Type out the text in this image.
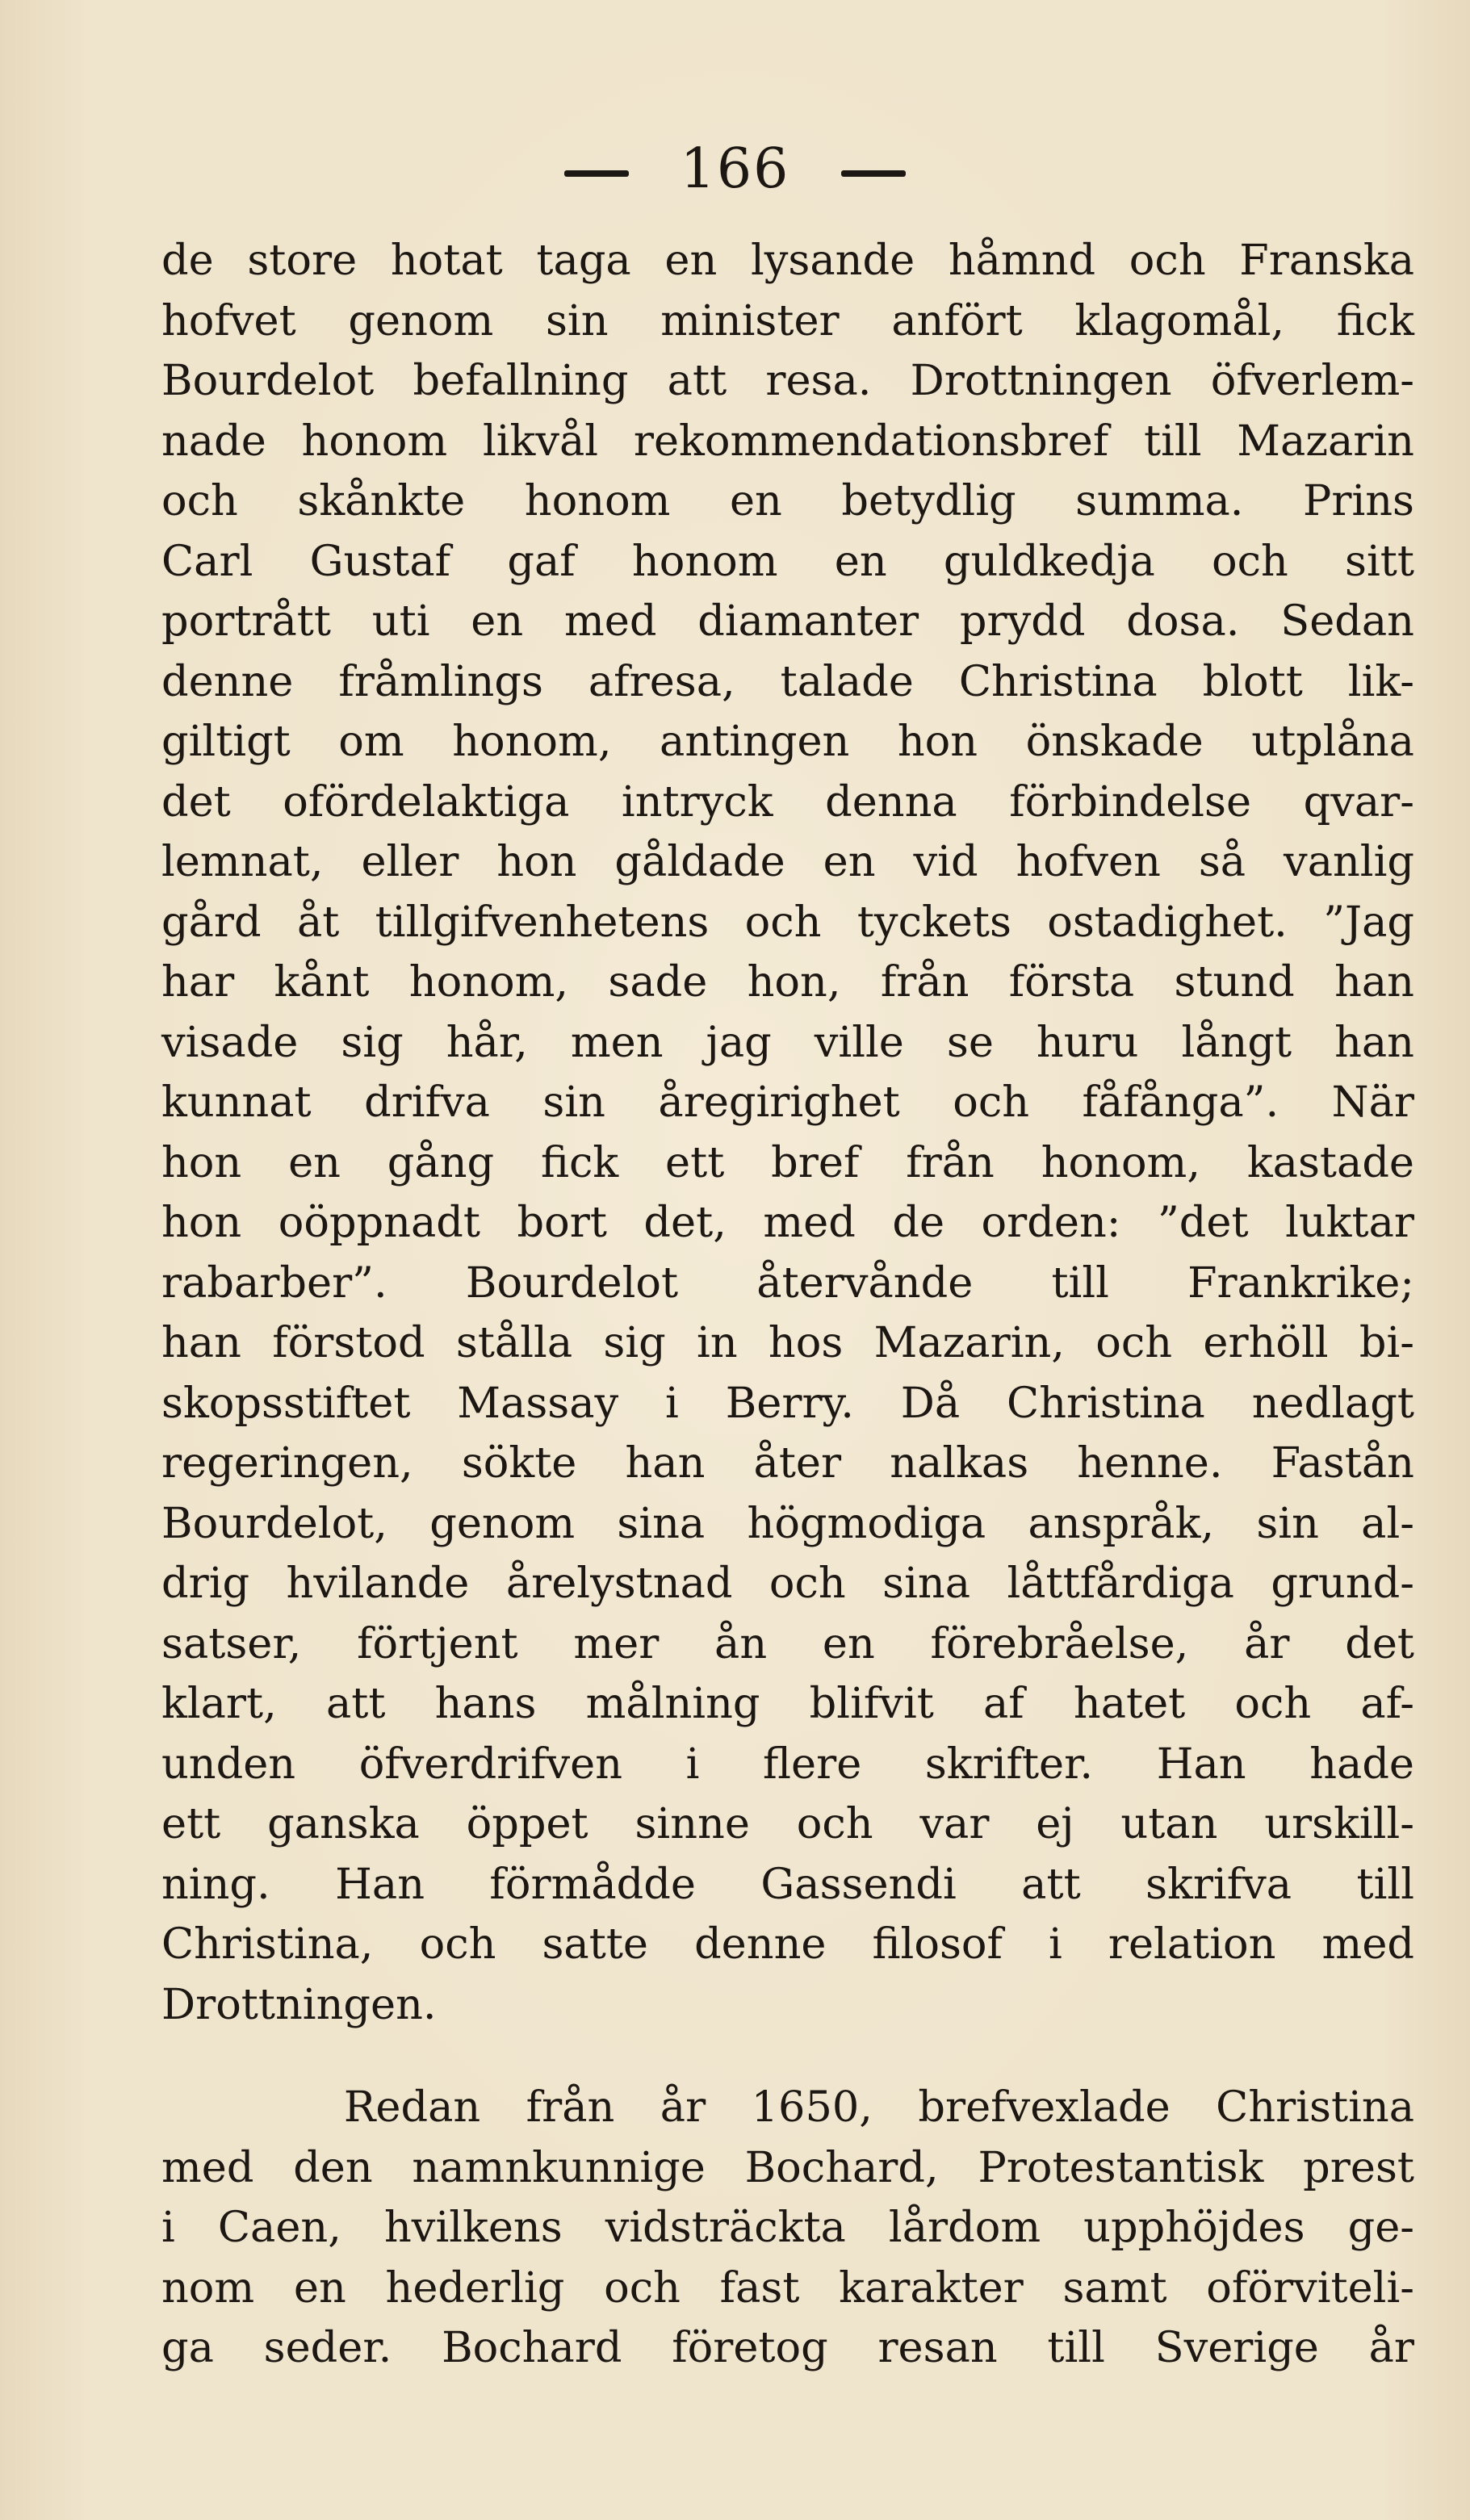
166
de store hotat taga en lysande håmnd och Franska
hofvet genom sin minister anfört klagomål, fick
Bourdelot befallning att resa. Drottningen öfverlem-
nade honom likvål rekommendationsbref till Mazarin
och skånkte honom en betydlig summa. Prins
Carl Gustaf gaf honom en guldkedja och sitt
portrått uti en med diamanter prydd dosa. Sedan
denne fråmlings afresa, talade Christina blott lik-
giltigt om honom, antingen hon önskade utplåna
det ofördelaktiga intryck denna förbindelse qvar-
lemnat, eller hon gåldade en vid hofven så vanlig
gård åt tillgifvenhetens och tyckets ostadighet. ”Jag
har kånt honom, sade hon, från första stund han
visade sig hår, men jag ville se huru långt han
kunnat drifva sin åregirighet och fåfånga”. När
hon en gång fick ett bref från honom, kastade
hon oöppnadt bort det, med de orden: ”det luktar
rabarber”. Bourdelot återvånde till Frankrike;
han förstod stålla sig in hos Mazarin, och erhöll bi-
skopsstiftet Massay i Berry. Då Christina nedlagt
regeringen, sökte han åter nalkas henne. Fastån
Bourdelot, genom sina högmodiga anspråk, sin al-
drig hvilande årelystnad och sina låttfårdiga grund-
satser, förtjent mer ån en förebråelse, år det
klart, att hans målning blifvit af hatet och af-
unden öfverdrifven i flere skrifter. Han hade
ett ganska öppet sinne och var ej utan urskill-
ning. Han förmådde Gassendi att skrifva till
Christina, och satte denne filosof i relation med
Drottningen.
Redan från år 1650, brefvexlade Christina
med den namnkunnige Bochard, Protestantisk prest
i Caen, hvilkens vidsträckta lårdom upphöjdes ge-
nom en hederlig och fast karakter samt oförviteli-
ga seder. Bochard företog resan till Sverige år
